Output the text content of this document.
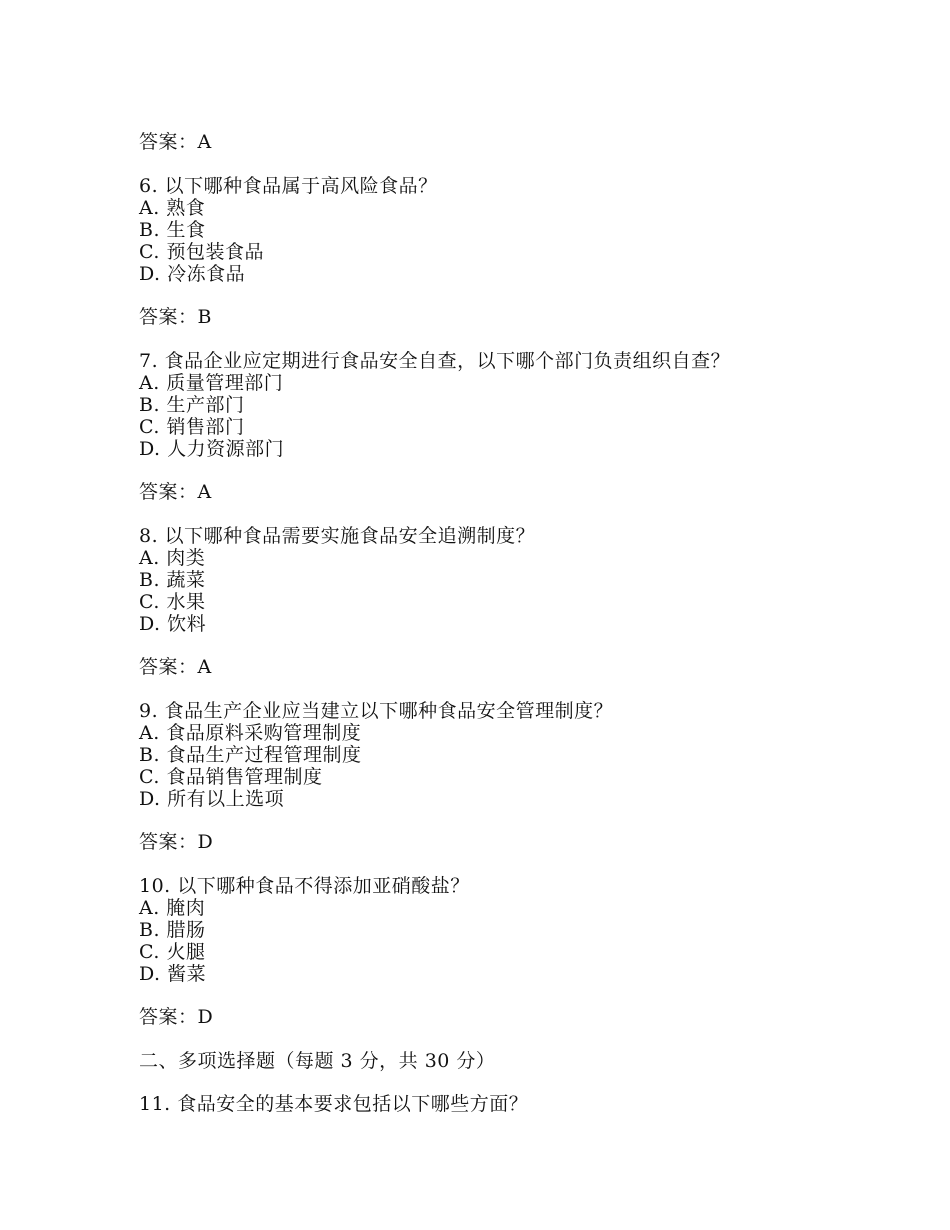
答案：A
6. 以下哪种食品属于高风险食品？
A. 熟食
B. 生食
C. 预包装食品
D. 冷冻食品
答案：B
7. 食品企业应定期进行食品安全自查，以下哪个部门负责组织自查？
A. 质量管理部门
B. 生产部门
C. 销售部门
D. 人力资源部门
答案：A
8. 以下哪种食品需要实施食品安全追溯制度？
A. 肉类
B. 蔬菜
C. 水果
D. 饮料
答案：A
9. 食品生产企业应当建立以下哪种食品安全管理制度？
A. 食品原料采购管理制度
B. 食品生产过程管理制度
C. 食品销售管理制度
D. 所有以上选项
答案：D
10. 以下哪种食品不得添加亚硝酸盐？
A. 腌肉
B. 腊肠
C. 火腿
D. 酱菜
答案：D
二、多项选择题（每题 3 分，共 30 分）
11. 食品安全的基本要求包括以下哪些方面？
